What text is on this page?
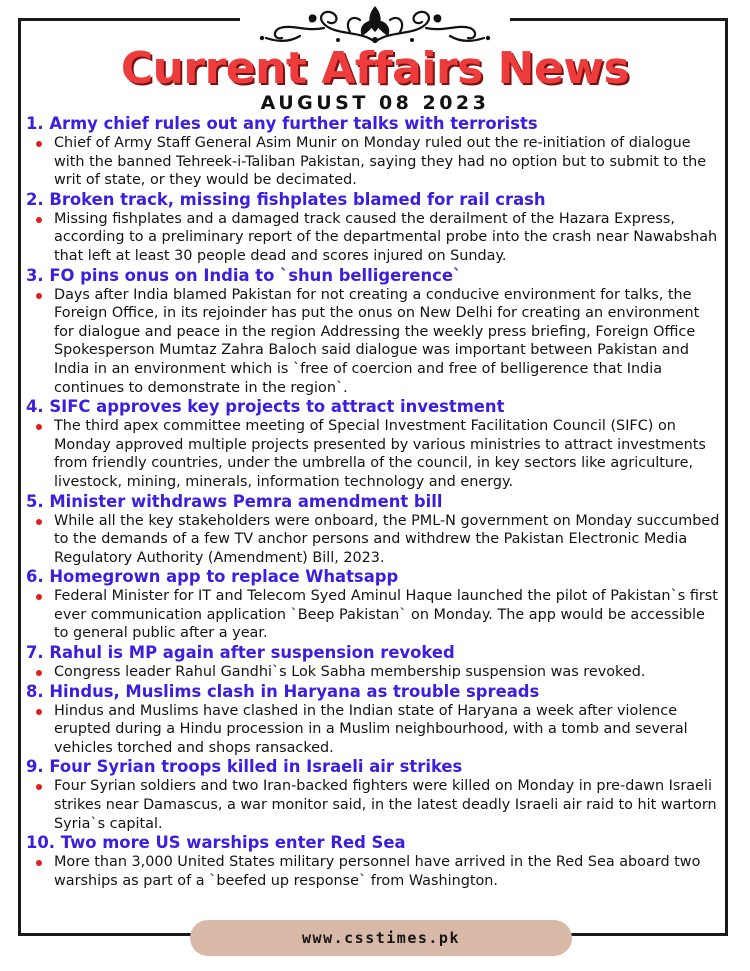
Current Affairs News
AUGUST 08 2023
1. Army chief rules out any further talks with terrorists
Chief of Army Staff General Asim Munir on Monday ruled out the re-initiation of dialogue with the banned Tehreek-i-Taliban Pakistan, saying they had no option but to submit to the writ of state, or they would be decimated.
2. Broken track, missing fishplates blamed for rail crash
Missing fishplates and a damaged track caused the derailment of the Hazara Express, according to a preliminary report of the departmental probe into the crash near Nawabshah that left at least 30 people dead and scores injured on Sunday.
3. FO pins onus on India to `shun belligerence`
Days after India blamed Pakistan for not creating a conducive environment for talks, the Foreign Office, in its rejoinder has put the onus on New Delhi for creating an environment for dialogue and peace in the region Addressing the weekly press briefing, Foreign Office Spokesperson Mumtaz Zahra Baloch said dialogue was important between Pakistan and India in an environment which is `free of coercion and free of belligerence that India continues to demonstrate in the region`.
4. SIFC approves key projects to attract investment
The third apex committee meeting of Special Investment Facilitation Council (SIFC) on Monday approved multiple projects presented by various ministries to attract investments from friendly countries, under the umbrella of the council, in key sectors like agriculture, livestock, mining, minerals, information technology and energy.
5. Minister withdraws Pemra amendment bill
While all the key stakeholders were onboard, the PML-N government on Monday succumbed to the demands of a few TV anchor persons and withdrew the Pakistan Electronic Media Regulatory Authority (Amendment) Bill, 2023.
6. Homegrown app to replace Whatsapp
Federal Minister for IT and Telecom Syed Aminul Haque launched the pilot of Pakistan`s first ever communication application `Beep Pakistan` on Monday. The app would be accessible to general public after a year.
7. Rahul is MP again after suspension revoked
Congress leader Rahul Gandhi`s Lok Sabha membership suspension was revoked.
8. Hindus, Muslims clash in Haryana as trouble spreads
Hindus and Muslims have clashed in the Indian state of Haryana a week after violence erupted during a Hindu procession in a Muslim neighbourhood, with a tomb and several vehicles torched and shops ransacked.
9. Four Syrian troops killed in Israeli air strikes
Four Syrian soldiers and two Iran-backed fighters were killed on Monday in pre-dawn Israeli strikes near Damascus, a war monitor said, in the latest deadly Israeli air raid to hit wartorn Syria`s capital.
10. Two more US warships enter Red Sea
More than 3,000 United States military personnel have arrived in the Red Sea aboard two warships as part of a `beefed up response` from Washington.
www.csstimes.pk
